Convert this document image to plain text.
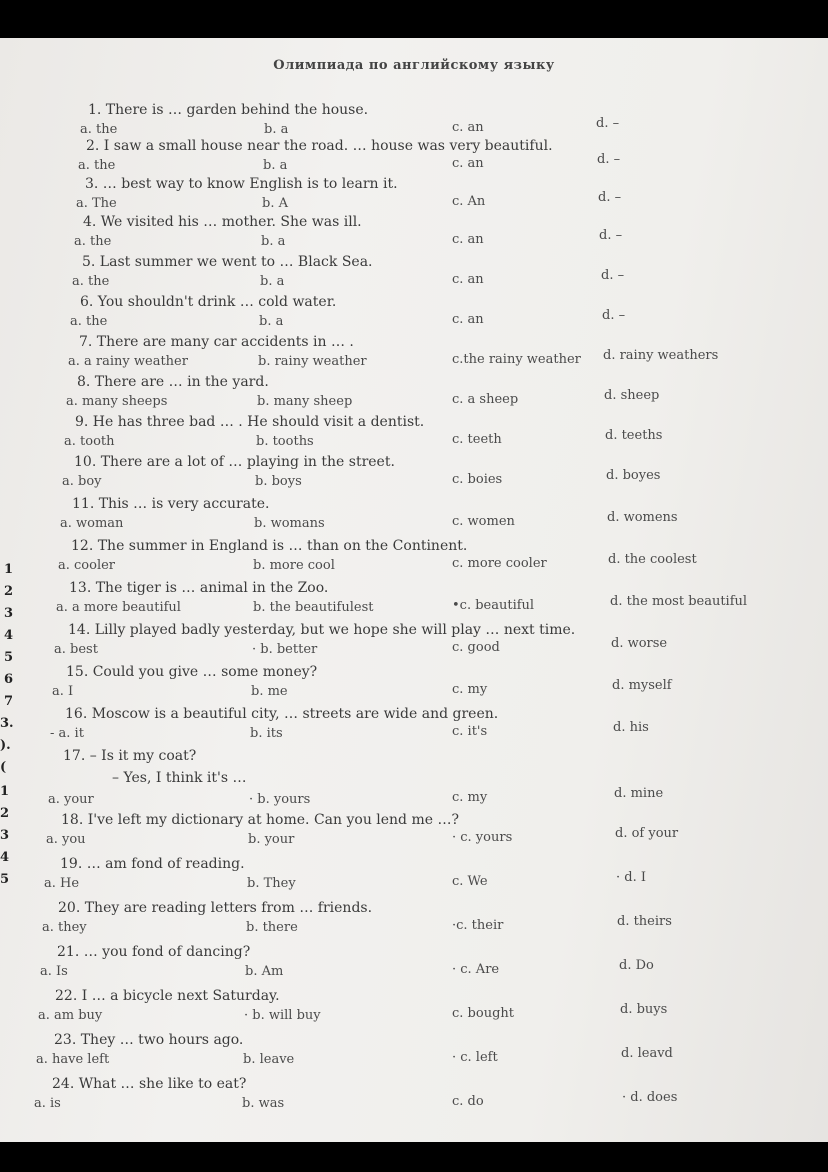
Олимпиада по английскому языку
1
2
3
4
5
6
7
3.
).
(
1
2
3
4
5
1. There is … garden behind the house.
a. the	b. a	c. an	d. –
2. I saw a small house near the road. … house was very beautiful.
a. the	b. a	c. an	d. –
3. … best way to know English is to learn it.
a. The	b. A	c. An	d. –
4. We visited his … mother. She was ill.
a. the	b. a	c. an	d. –
5. Last summer we went to … Black Sea.
a. the	b. a	c. an	d. –
6. You shouldn't drink … cold water.
a. the	b. a	c. an	d. –
7. There are many car accidents in … .
a. a rainy weather	b. rainy weather	c.the rainy weather d. rainy weathers
8. There are … in the yard.
a. many sheeps	b. many sheep	c. a sheep	d. sheep
9. He has three bad … . He should visit a dentist.
a. tooth	b. tooths	c. teeth	d. teeths
10. There are a lot of … playing in the street.
a. boy	b. boys	c. boies	d. boyes
11. This … is very accurate.
a. woman	b. womans	c. women	d. womens
12. The summer in England is … than on the Continent.
a. cooler	b. more cool	c. more cooler	d. the coolest
13. The tiger is … animal in the Zoo.
a. a more beautiful	b. the beautifulest	•c. beautiful	d. the most beautiful
14. Lilly played badly yesterday, but we hope she will play … next time.
a. best	· b. better	c. good	d. worse
15. Could you give … some money?
a. I	b. me	c. my	d. myself
16. Moscow is a beautiful city, … streets are wide and green.
- a. it	b. its	c. it's	d. his
17. – Is it my coat?
– Yes, I think it's …
a. your	· b. yours	c. my	d. mine
18. I've left my dictionary at home. Can you lend me …?
a. you	b. your	· c. yours	d. of your
19. … am fond of reading.
a. He	b. They	c. We	· d. I
20. They are reading letters from … friends.
a. they	b. there	·c. their	d. theirs
21. … you fond of dancing?
a. Is	b. Am	· c. Are	d. Do
22. I … a bicycle next Saturday.
a. am buy	· b. will buy	c. bought	d. buys
23. They … two hours ago.
a. have left	b. leave	· c. left	d. leavd
24. What … she like to eat?
a. is	b. was	c. do	· d. does
